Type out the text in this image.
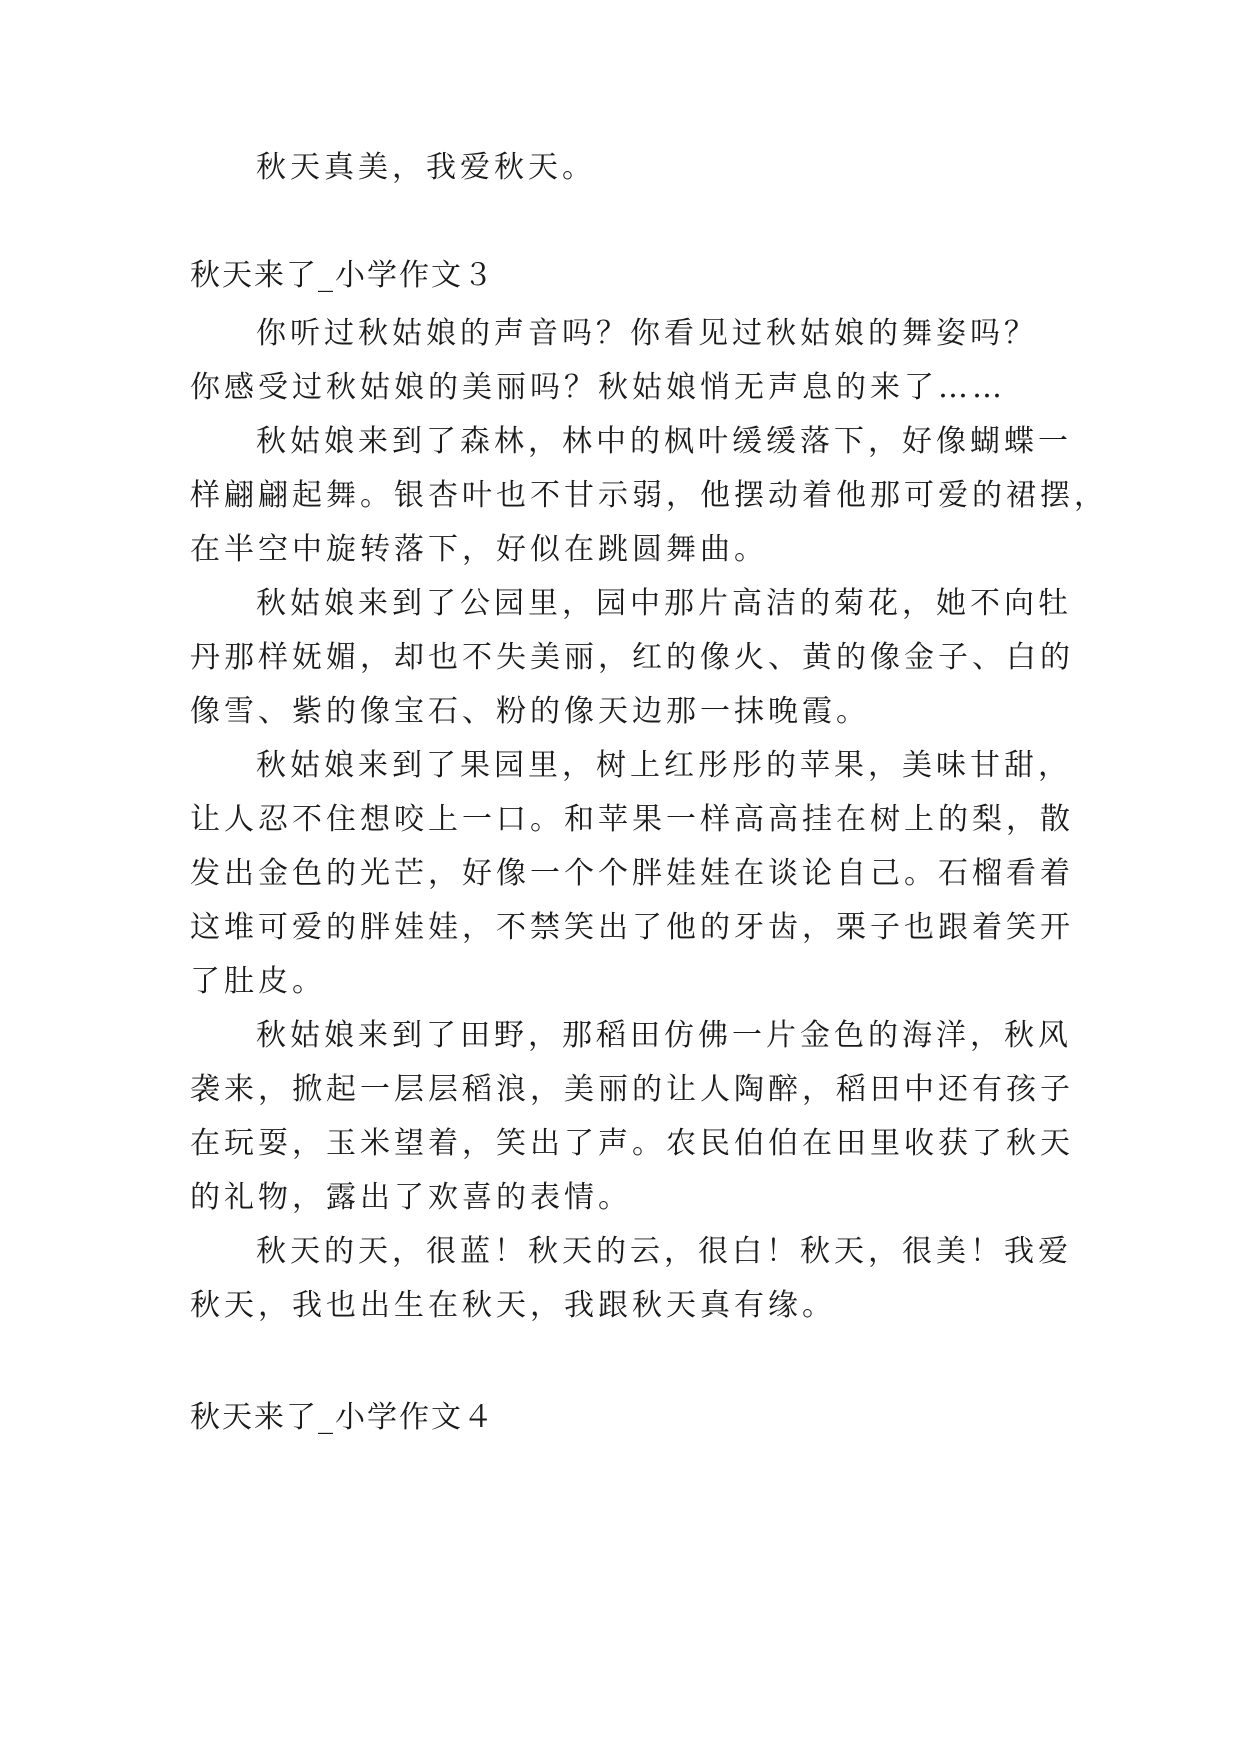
秋天真美，我爱秋天。
秋天来了_小学作文３
你听过秋姑娘的声音吗？你看见过秋姑娘的舞姿吗？
你感受过秋姑娘的美丽吗？秋姑娘悄无声息的来了……
秋姑娘来到了森林，林中的枫叶缓缓落下，好像蝴蝶一
样翩翩起舞。银杏叶也不甘示弱，他摆动着他那可爱的裙摆，
在半空中旋转落下，好似在跳圆舞曲。
秋姑娘来到了公园里，园中那片高洁的菊花，她不向牡
丹那样妩媚，却也不失美丽，红的像火、黄的像金子、白的
像雪、紫的像宝石、粉的像天边那一抹晚霞。
秋姑娘来到了果园里，树上红彤彤的苹果，美味甘甜，
让人忍不住想咬上一口。和苹果一样高高挂在树上的梨，散
发出金色的光芒，好像一个个胖娃娃在谈论自己。石榴看着
这堆可爱的胖娃娃，不禁笑出了他的牙齿，栗子也跟着笑开
了肚皮。
秋姑娘来到了田野，那稻田仿佛一片金色的海洋，秋风
袭来，掀起一层层稻浪，美丽的让人陶醉，稻田中还有孩子
在玩耍，玉米望着，笑出了声。农民伯伯在田里收获了秋天
的礼物，露出了欢喜的表情。
秋天的天，很蓝！秋天的云，很白！秋天，很美！我爱
秋天，我也出生在秋天，我跟秋天真有缘。
秋天来了_小学作文４
